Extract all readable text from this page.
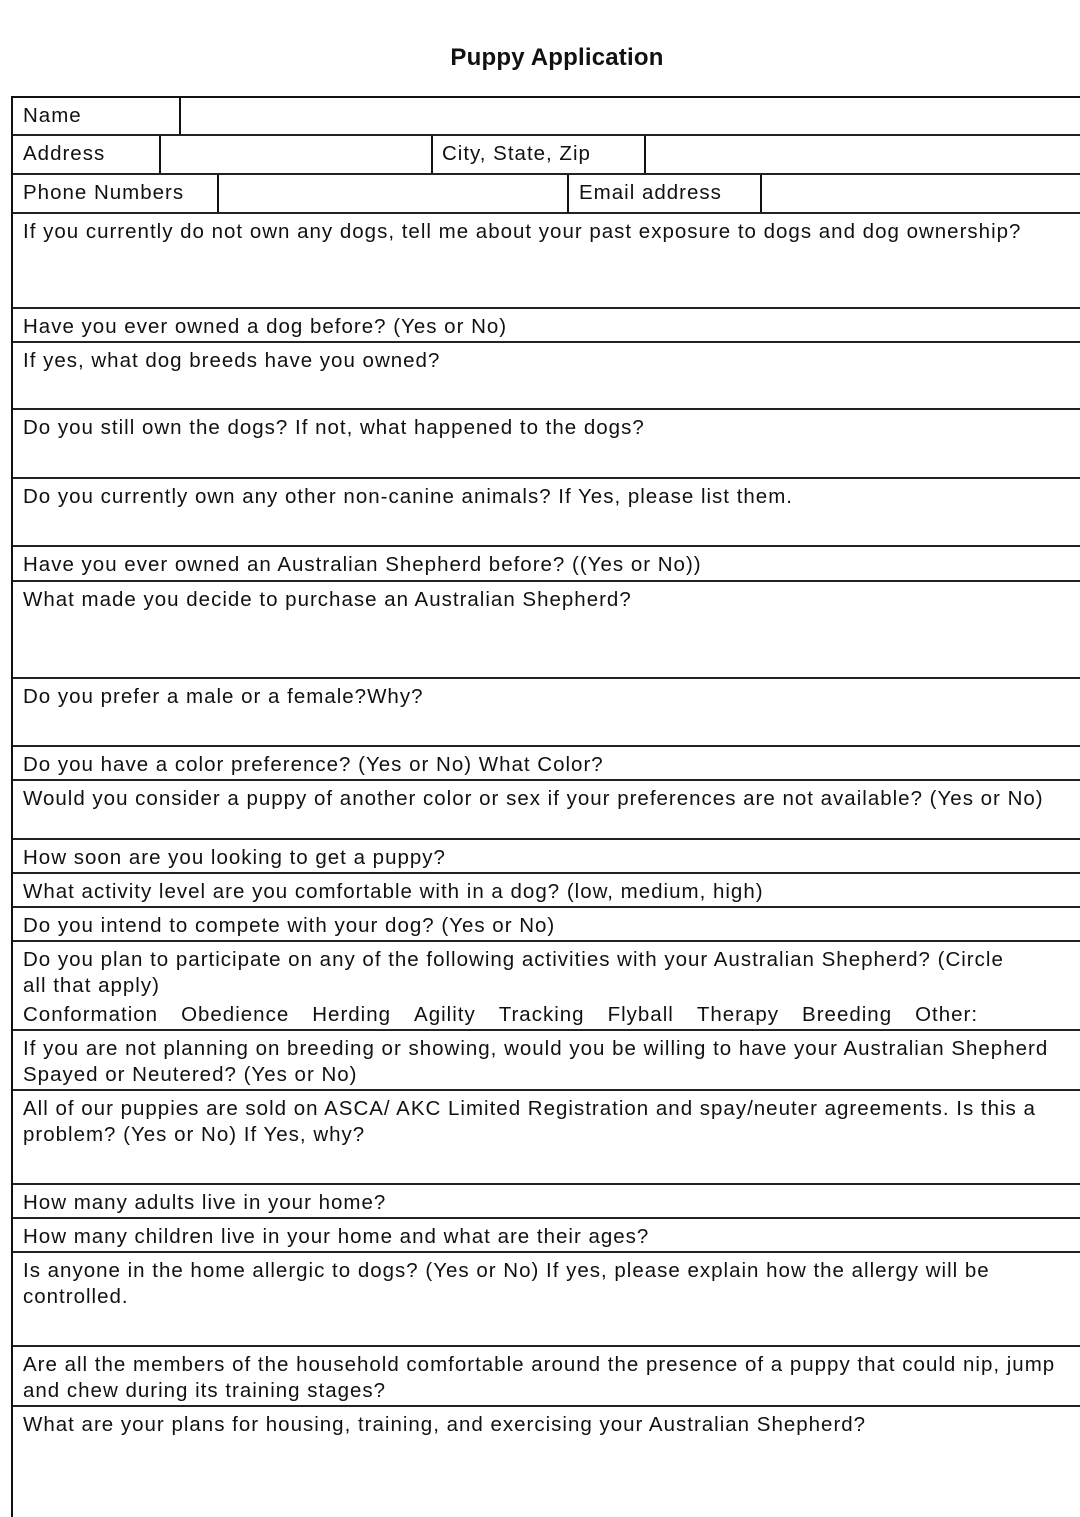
Puppy Application
Name
Address	City, State, Zip
Phone Numbers	Email address
If you currently do not own any dogs, tell me about your past exposure to dogs and dog ownership?
Have you ever owned a dog before? (Yes or No)
If yes, what dog breeds have you owned?
Do you still own the dogs? If not, what happened to the dogs?
Do you currently own any other non-canine animals? If Yes, please list them.
Have you ever owned an Australian Shepherd before? ((Yes or No))
What made you decide to purchase an Australian Shepherd?
Do you prefer a male or a female?Why?
Do you have a color preference? (Yes or No) What Color?
Would you consider a puppy of another color or sex if your preferences are not available? (Yes or No)
How soon are you looking to get a puppy?
What activity level are you comfortable with in a dog? (low, medium, high)
Do you intend to compete with your dog? (Yes or No)
Do you plan to participate on any of the following activities with your Australian Shepherd? (Circle all that apply)
Conformation Obedience Herding Agility Tracking Flyball Therapy Breeding Other:
If you are not planning on breeding or showing, would you be willing to have your Australian Shepherd Spayed or Neutered? (Yes or No)
All of our puppies are sold on ASCA/ AKC Limited Registration and spay/neuter agreements. Is this a problem? (Yes or No) If Yes, why?
How many adults live in your home?
How many children live in your home and what are their ages?
Is anyone in the home allergic to dogs? (Yes or No) If yes, please explain how the allergy will be controlled.
Are all the members of the household comfortable around the presence of a puppy that could nip, jump and chew during its training stages?
What are your plans for housing, training, and exercising your Australian Shepherd?
